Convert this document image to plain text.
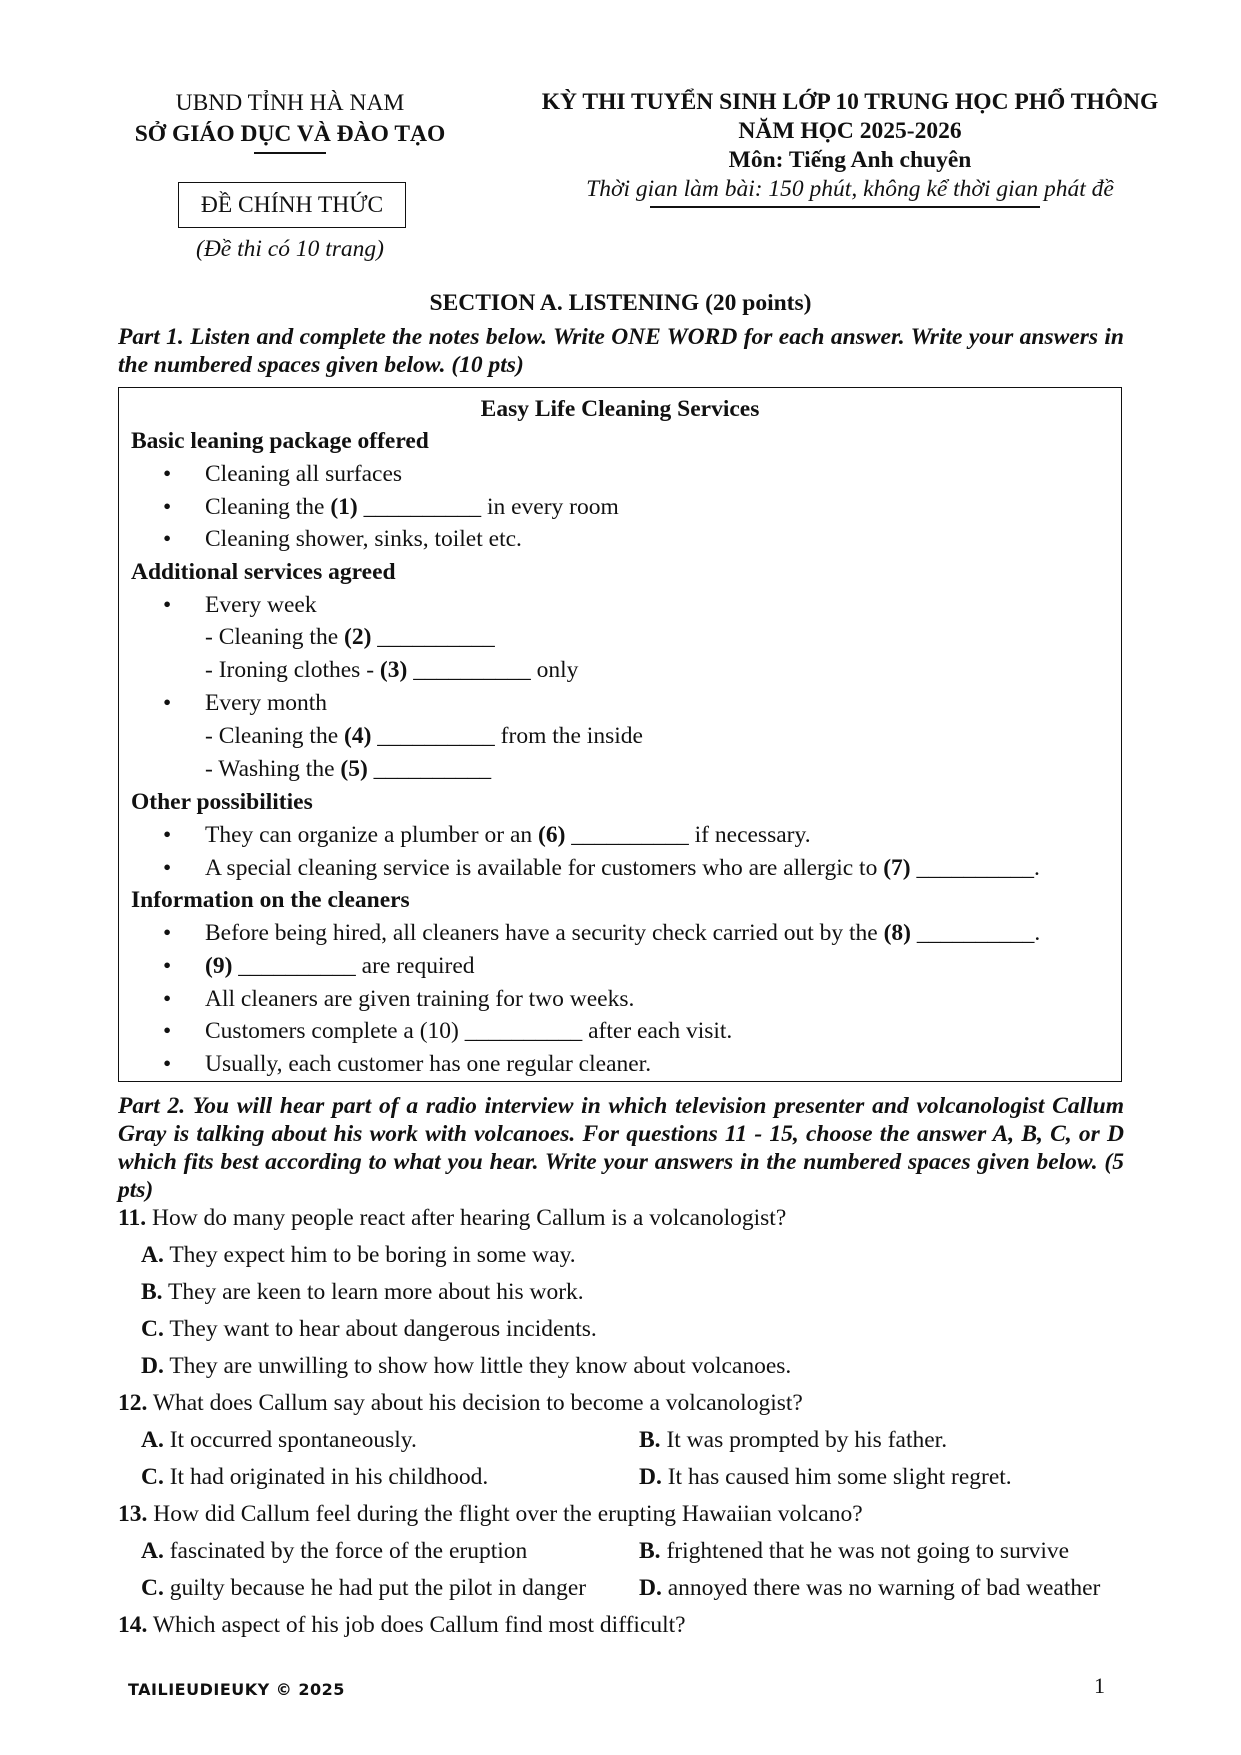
UBND TỈNH HÀ NAM
SỞ GIÁO DỤC VÀ ĐÀO TẠO
ĐỀ CHÍNH THỨC
(Đề thi có 10 trang)
KỲ THI TUYỂN SINH LỚP 10 TRUNG HỌC PHỔ THÔNG
NĂM HỌC 2025-2026
Môn: Tiếng Anh chuyên
Thời gian làm bài: 150 phút, không kể thời gian phát đề
SECTION A. LISTENING (20 points)
Part 1. Listen and complete the notes below. Write ONE WORD for each answer. Write your answers in the numbered spaces given below. (10 pts)
Easy Life Cleaning Services
Basic leaning package offered
• Cleaning all surfaces
• Cleaning the (1) __________ in every room
• Cleaning shower, sinks, toilet etc.
Additional services agreed
• Every week
- Cleaning the (2) __________
- Ironing clothes - (3) __________ only
• Every month
- Cleaning the (4) __________ from the inside
- Washing the (5) __________
Other possibilities
• They can organize a plumber or an (6) __________ if necessary.
• A special cleaning service is available for customers who are allergic to (7) __________.
Information on the cleaners
• Before being hired, all cleaners have a security check carried out by the (8) __________.
• (9) __________ are required
• All cleaners are given training for two weeks.
• Customers complete a (10) __________ after each visit.
• Usually, each customer has one regular cleaner.
Part 2. You will hear part of a radio interview in which television presenter and volcanologist Callum Gray is talking about his work with volcanoes. For questions 11 - 15, choose the answer A, B, C, or D which fits best according to what you hear. Write your answers in the numbered spaces given below. (5 pts)
11. How do many people react after hearing Callum is a volcanologist?
A. They expect him to be boring in some way.
B. They are keen to learn more about his work.
C. They want to hear about dangerous incidents.
D. They are unwilling to show how little they know about volcanoes.
12. What does Callum say about his decision to become a volcanologist?
A. It occurred spontaneously.	B. It was prompted by his father.
C. It had originated in his childhood.	D. It has caused him some slight regret.
13. How did Callum feel during the flight over the erupting Hawaiian volcano?
A. fascinated by the force of the eruption	B. frightened that he was not going to survive
C. guilty because he had put the pilot in danger D. annoyed there was no warning of bad weather
14. Which aspect of his job does Callum find most difficult?
TAILIEUDIEUKY © 2025	1
